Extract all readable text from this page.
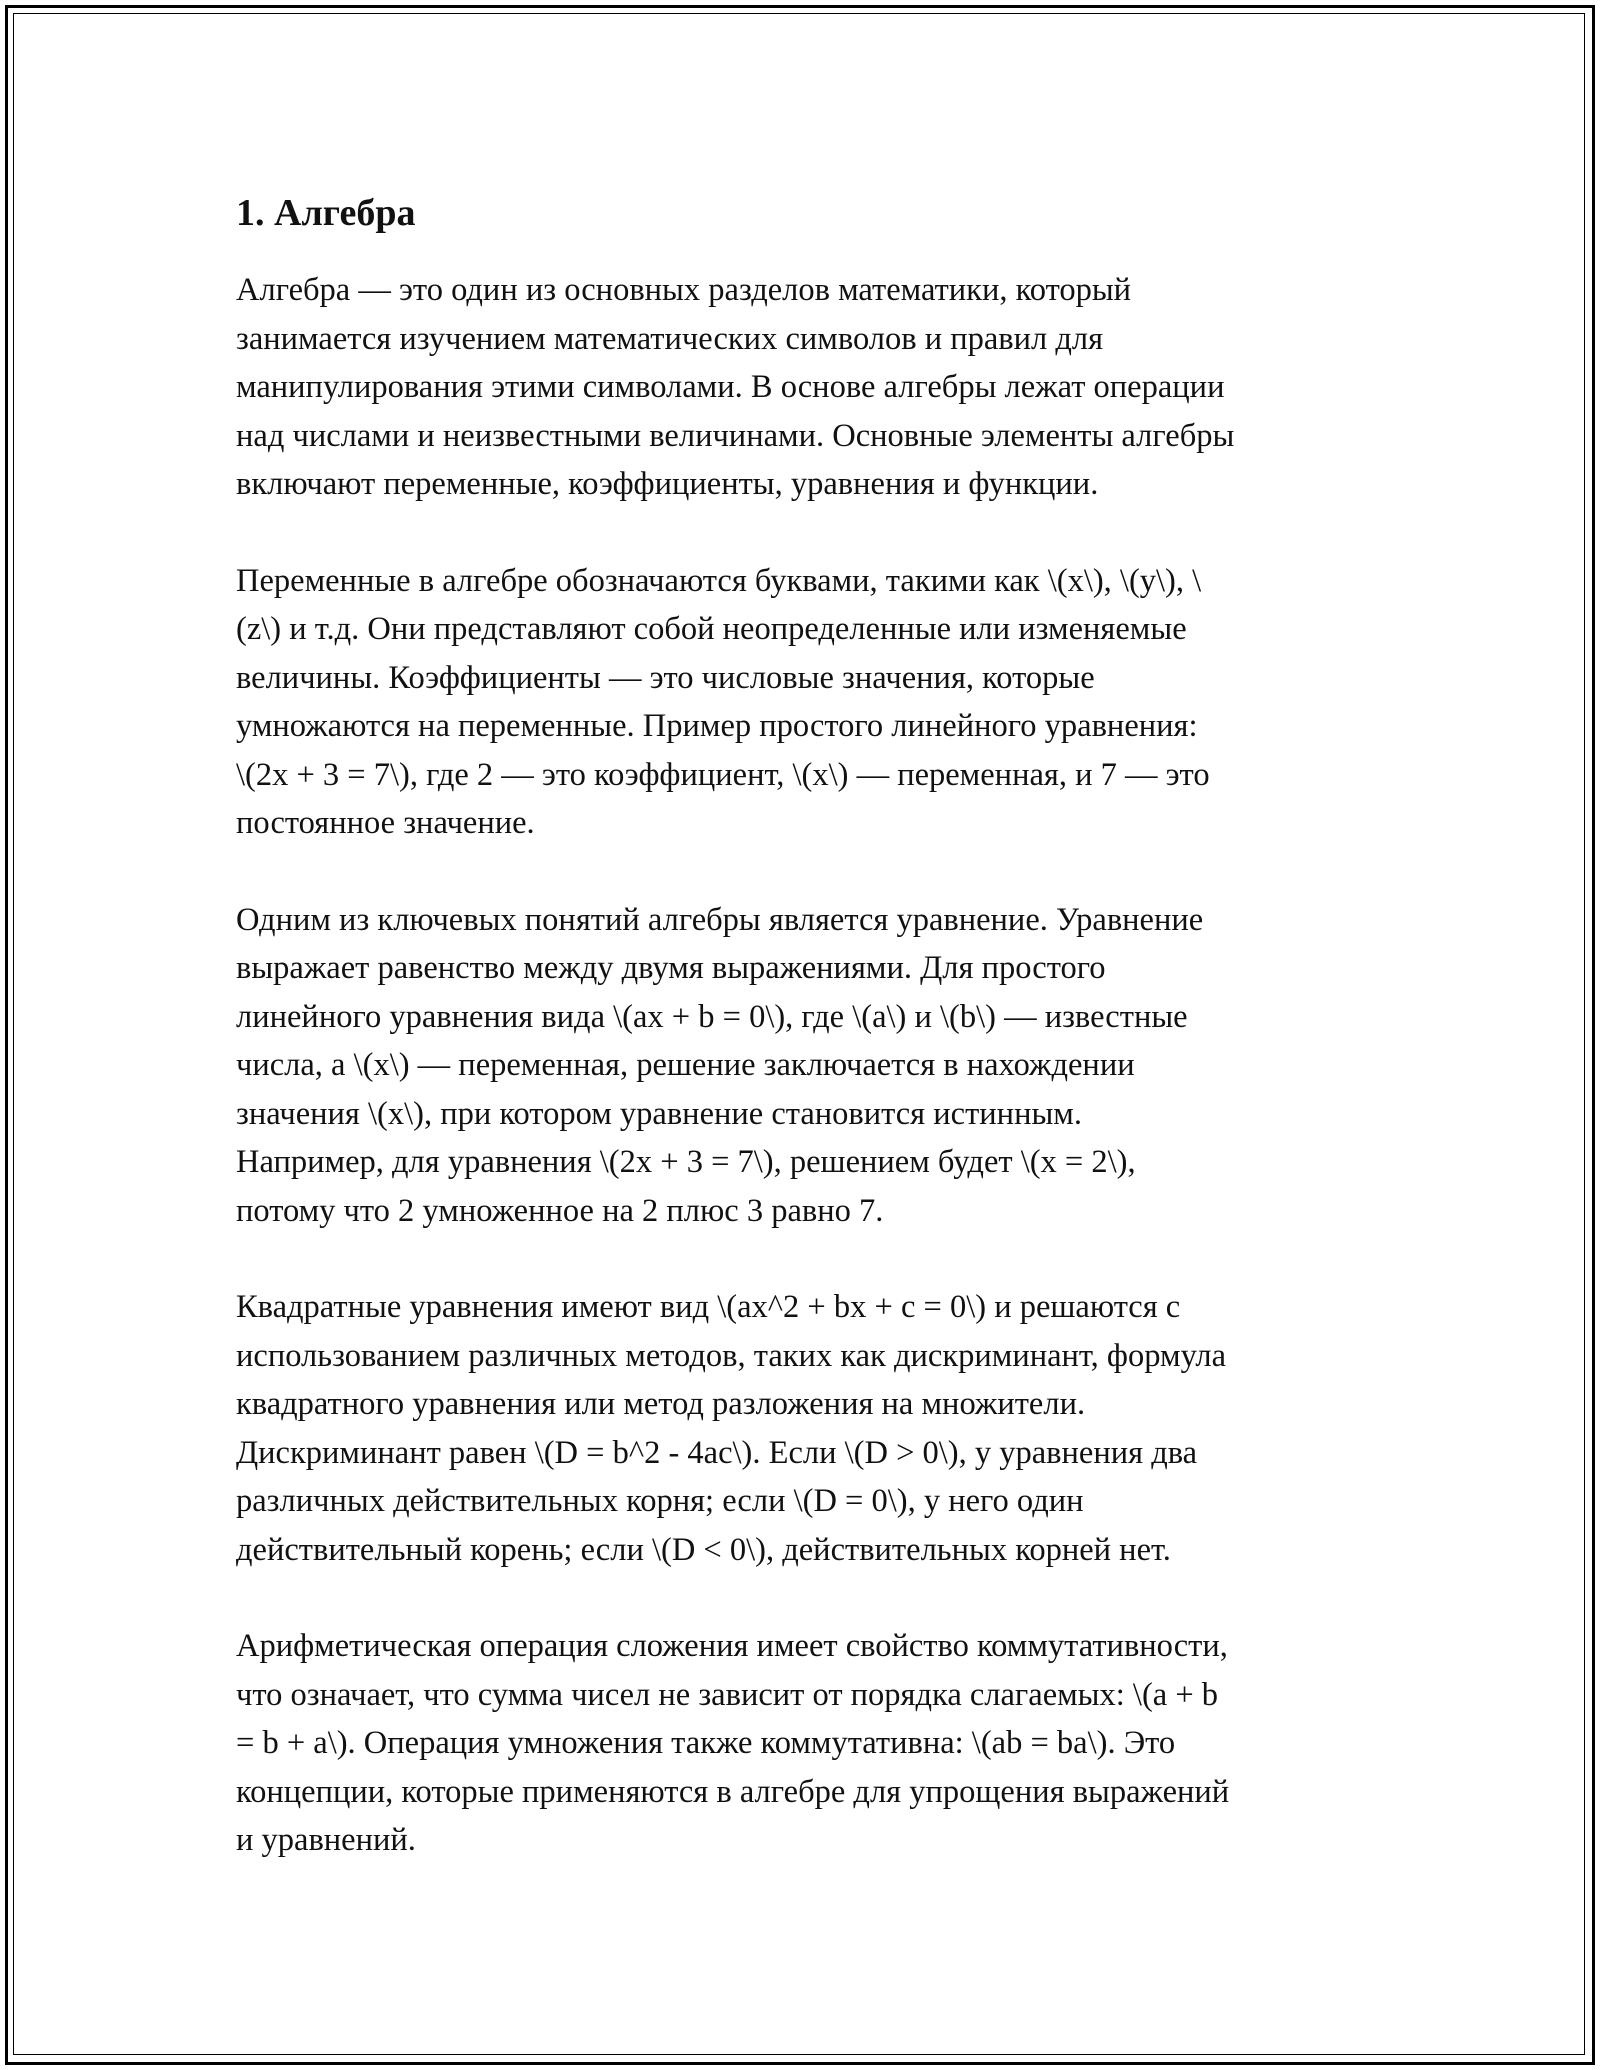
1. Алгебра

Алгебра — это один из основных разделов математики, который
занимается изучением математических символов и правил для
манипулирования этими символами. В основе алгебры лежат операции
над числами и неизвестными величинами. Основные элементы алгебры
включают переменные, коэффициенты, уравнения и функции.

Переменные в алгебре обозначаются буквами, такими как \(x\), \(y\), \
(z\) и т.д. Они представляют собой неопределенные или изменяемые
величины. Коэффициенты — это числовые значения, которые
умножаются на переменные. Пример простого линейного уравнения:
\(2x + 3 = 7\), где 2 — это коэффициент, \(x\) — переменная, и 7 — это
постоянное значение.

Одним из ключевых понятий алгебры является уравнение. Уравнение
выражает равенство между двумя выражениями. Для простого
линейного уравнения вида \(ax + b = 0\), где \(a\) и \(b\) — известные
числа, а \(x\) — переменная, решение заключается в нахождении
значения \(x\), при котором уравнение становится истинным.
Например, для уравнения \(2x + 3 = 7\), решением будет \(x = 2\),
потому что 2 умноженное на 2 плюс 3 равно 7.

Квадратные уравнения имеют вид \(ax^2 + bx + c = 0\) и решаются с
использованием различных методов, таких как дискриминант, формула
квадратного уравнения или метод разложения на множители.
Дискриминант равен \(D = b^2 - 4ac\). Если \(D > 0\), у уравнения два
различных действительных корня; если \(D = 0\), у него один
действительный корень; если \(D < 0\), действительных корней нет.

Арифметическая операция сложения имеет свойство коммутативности,
что означает, что сумма чисел не зависит от порядка слагаемых: \(a + b
= b + a\). Операция умножения также коммутативна: \(ab = ba\). Это
концепции, которые применяются в алгебре для упрощения выражений
и уравнений.
